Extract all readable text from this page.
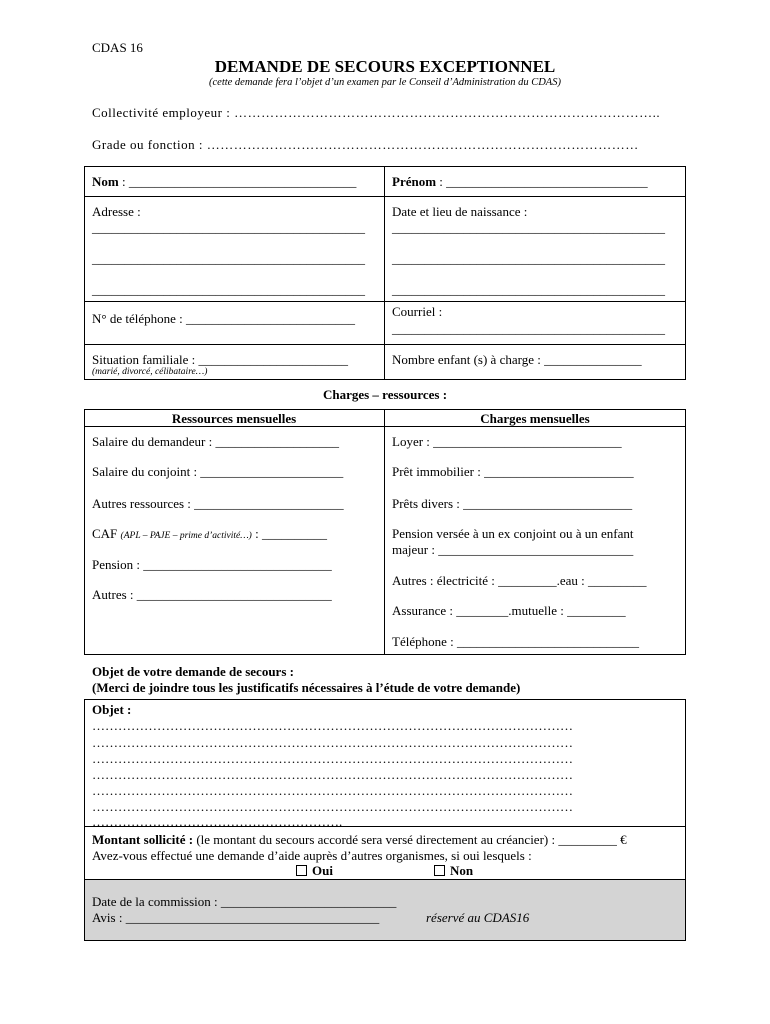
CDAS 16
DEMANDE DE SECOURS EXCEPTIONNEL
(cette demande fera l’objet d’un examen par le Conseil d’Administration du CDAS)
Collectivité employeur : …………………………………………………………………………………..
Grade ou fonction : ……………………………………………………………………………………
Nom : ___________________________________	Prénom : _______________________________
Adresse :
__________________________________________
__________________________________________
__________________________________________
Date et lieu de naissance :
__________________________________________
__________________________________________
__________________________________________
N° de téléphone : __________________________	Courriel :
__________________________________________
Situation familiale : _______________________
(marié, divorcé, célibataire…)
Nombre enfant (s) à charge : _______________
Charges – ressources :
Ressources mensuelles	Charges mensuelles
Salaire du demandeur : ___________________
Salaire du conjoint : ______________________
Autres ressources : _______________________
CAF (APL – PAJE – prime d’activité…) : __________
Pension : _____________________________
Autres : ______________________________
Loyer : _____________________________
Prêt immobilier : _______________________
Prêts divers : __________________________
Pension versée à un ex conjoint ou à un enfant
majeur : ______________________________
Autres : électricité : _________.eau : _________
Assurance : ________.mutuelle : _________
Téléphone : ____________________________
Objet de votre demande de secours :
(Merci de joindre tous les justificatifs nécessaires à l’étude de votre demande)
Objet :
…………………………………………………………………………………………………
…………………………………………………………………………………………………
…………………………………………………………………………………………………
…………………………………………………………………………………………………
…………………………………………………………………………………………………
…………………………………………………………………………………………………
………………………………………………….
Montant sollicité : (le montant du secours accordé sera versé directement au créancier) : _________ €
Avez-vous effectué une demande d’aide auprès d’autres organismes, si oui lesquels :
Oui	Non
Date de la commission : ___________________________
Avis : _______________________________________	réservé au CDAS16
